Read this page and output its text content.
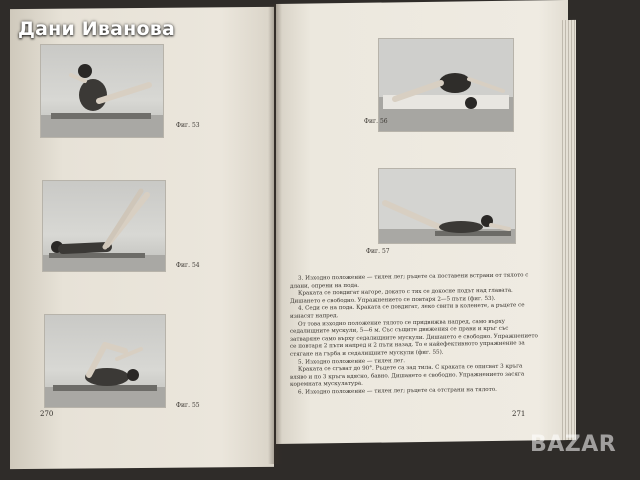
Фиг. 53
Фиг. 54
Фиг. 55
270
Фиг. 56
Фиг. 57

3. Изходно положение — тилен лег; ръцете са поставени встрани от тялото с длани, опрени на пода.

Краката се повдигат нагоре, докато с тях се докосне подът над главата. Дишането е свободно. Упражнението се повтаря 2—5 пъти (фиг. 53).

4. Седи се на пода. Краката се повдигат, леко свити в коленете, а ръцете се изнасят напред.

От това изходно положение тялото се придвижва напред, само върху седалищните мускули, 5—6 м. Със същите движения се прави и кръг със затваряне само върху седалищните мускули. Дишането е свободно. Упражнението се повтаря 2 пъти напред и 2 пъти назад. То е найефективното упражнение за стягане на гърба и седалищните мускули (фиг. 55).

5. Изходно положение — тилен лег.

Краката се сгъват до 90°. Ръцете са зад тила. С краката се описват 3 кръга вляво и по 3 кръга вдясно, бавно. Дишането е свободно. Упражнението засяга коремната мускулатура.

6. Изходно положение — тилен лег; ръцете са отстрани на тялото.

271
Дани Иванова
BAZAR
